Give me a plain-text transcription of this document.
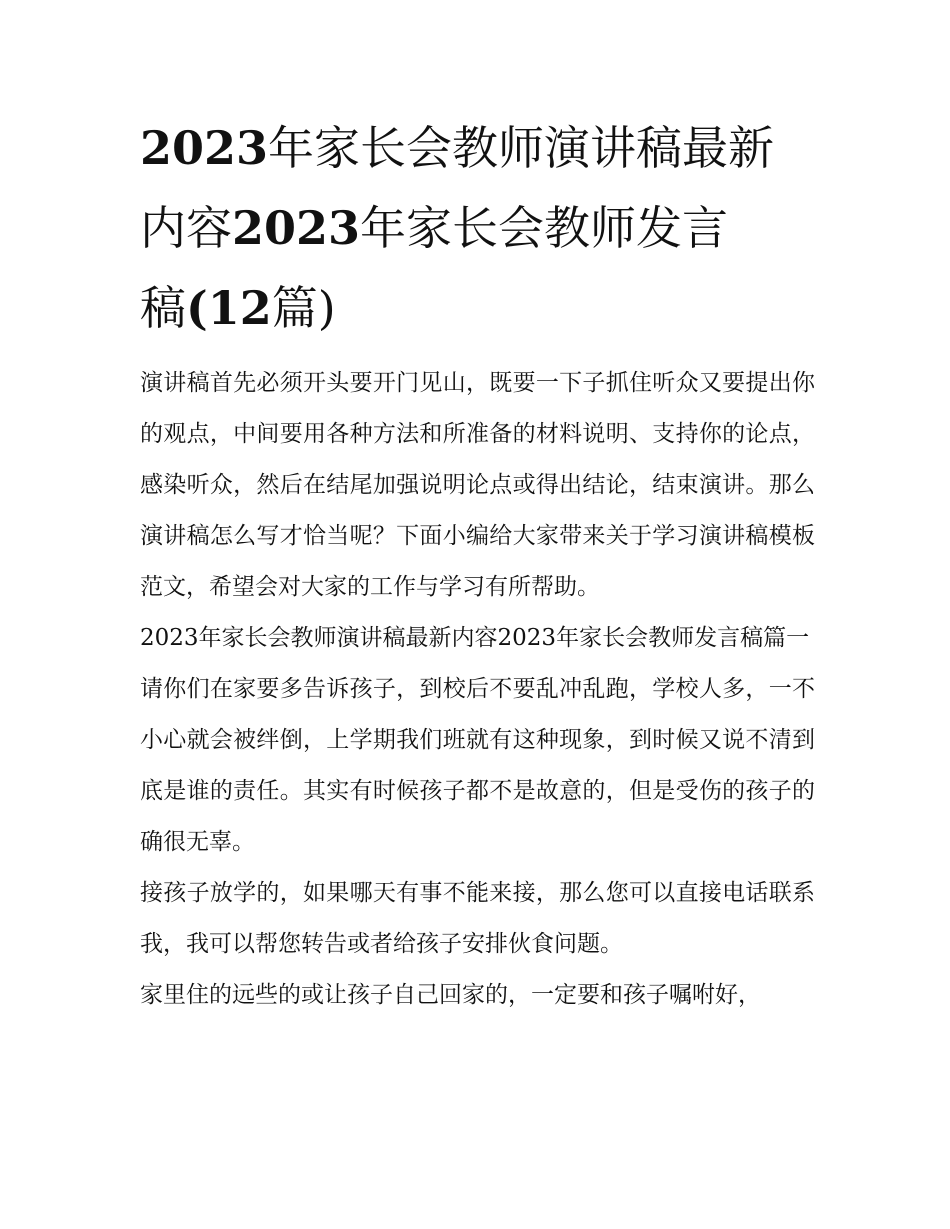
2023年家长会教师演讲稿最新
内容2023年家长会教师发言
稿(12篇)

演讲稿首先必须开头要开门见山，既要一下子抓住听众又要提出你的观点，中间要用各种方法和所准备的材料说明、支持你的论点，感染听众，然后在结尾加强说明论点或得出结论，结束演讲。那么演讲稿怎么写才恰当呢？下面小编给大家带来关于学习演讲稿模板范文，希望会对大家的工作与学习有所帮助。

2023年家长会教师演讲稿最新内容2023年家长会教师发言稿篇一

请你们在家要多告诉孩子，到校后不要乱冲乱跑，学校人多，一不小心就会被绊倒，上学期我们班就有这种现象，到时候又说不清到底是谁的责任。其实有时候孩子都不是故意的，但是受伤的孩子的确很无辜。

接孩子放学的，如果哪天有事不能来接，那么您可以直接电话联系我，我可以帮您转告或者给孩子安排伙食问题。

家里住的远些的或让孩子自己回家的，一定要和孩子嘱咐好，
